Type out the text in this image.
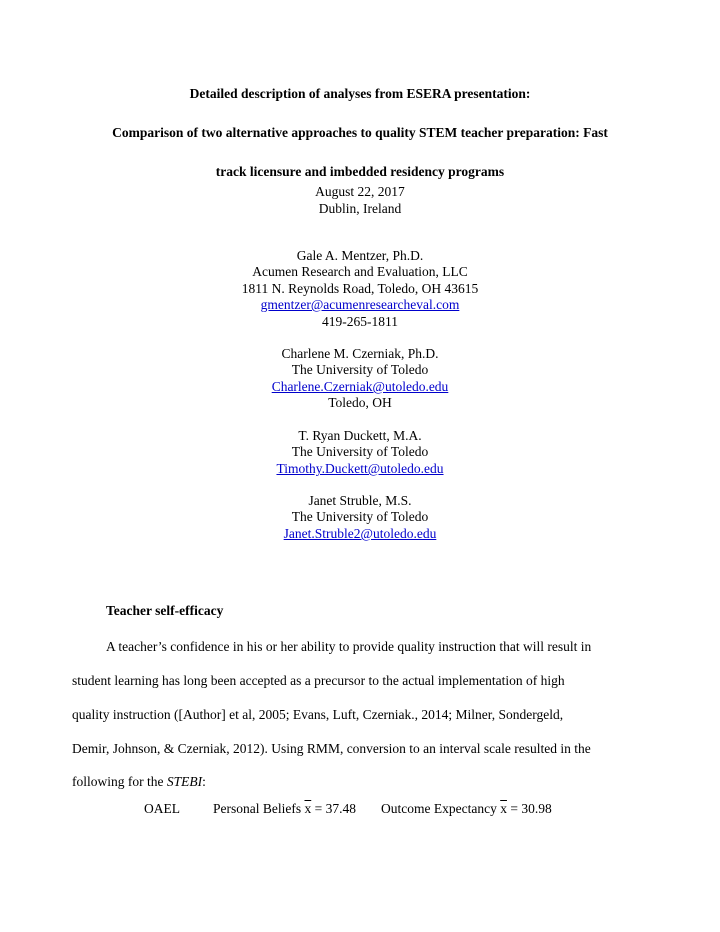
Detailed description of analyses from ESERA presentation:
Comparison of two alternative approaches to quality STEM teacher preparation: Fast
track licensure and imbedded residency programs
August 22, 2017
Dublin, Ireland
Gale A. Mentzer, Ph.D.
Acumen Research and Evaluation, LLC
1811 N. Reynolds Road, Toledo, OH 43615
gmentzer@acumenresearcheval.com
419-265-1811
Charlene M. Czerniak, Ph.D.
The University of Toledo
Charlene.Czerniak@utoledo.edu
Toledo, OH
T. Ryan Duckett, M.A.
The University of Toledo
Timothy.Duckett@utoledo.edu
Janet Struble, M.S.
The University of Toledo
Janet.Struble2@utoledo.edu
Teacher self-efficacy
A teacher’s confidence in his or her ability to provide quality instruction that will result in
student learning has long been accepted as a precursor to the actual implementation of high
quality instruction ([Author] et al, 2005; Evans, Luft, Czerniak., 2014; Milner, Sondergeld,
Demir, Johnson, & Czerniak, 2012). Using RMM, conversion to an interval scale resulted in the
following for the STEBI:
OAEL Personal Beliefs $\overline{x} = 37.48$ Outcome Expectancy $\overline{x} = 30.98$
